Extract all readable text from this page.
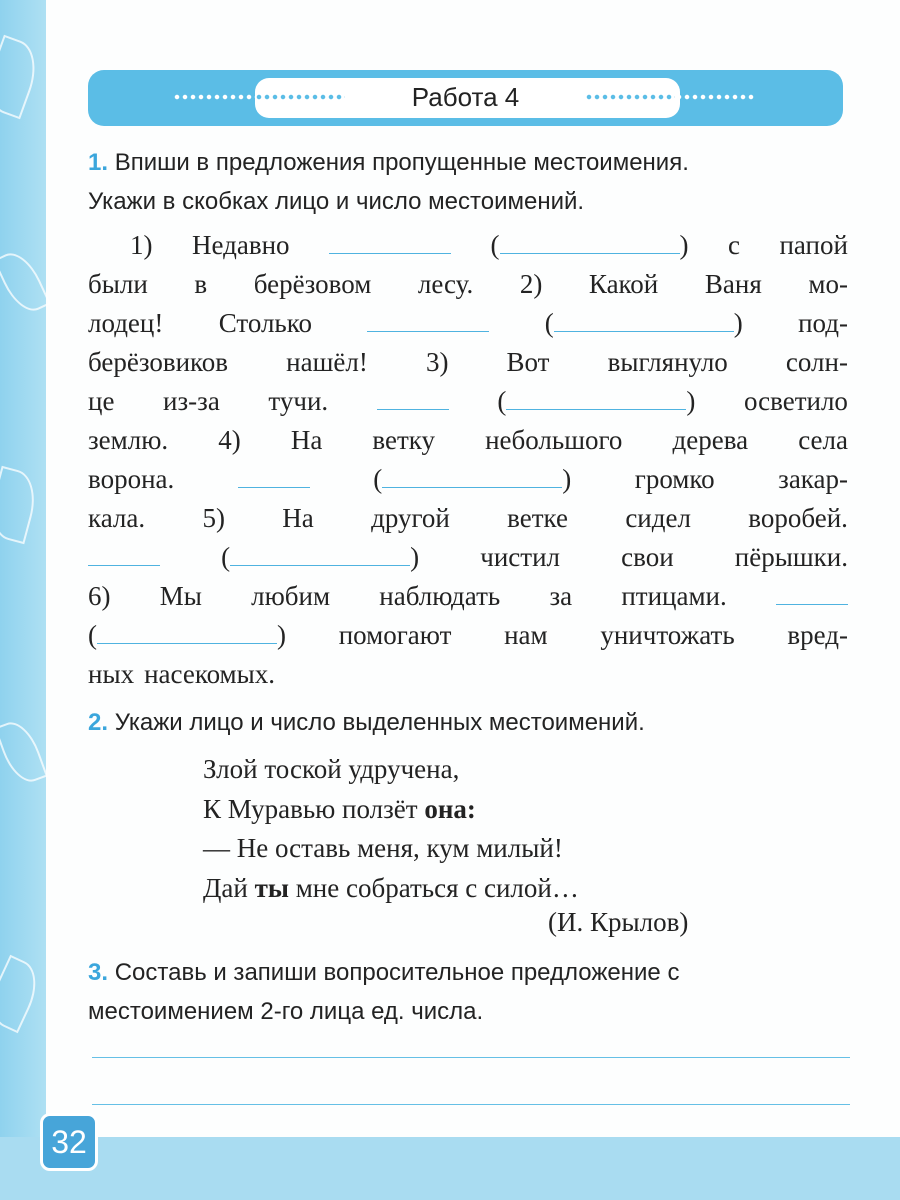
32
Работа 4
1. Впиши в предложения пропущенные местоимения.
Укажи в скобках лицо и число местоимений.
1) Недавно	(	) с папой
были в берёзовом лесу. 2) Какой Ваня мо-
лодец! Столько	(	) под-
берёзовиков нашёл! 3) Вот выглянуло солн-
це из-за тучи.	(	) осветило
землю. 4) На ветку небольшого дерева села
ворона.	(	) громко закар-
кала. 5) На другой ветке сидел воробей.
(	) чистил свои пёрышки.
6) Мы любим наблюдать за птицами.
(	) помогают нам уничтожать вред-
ных насекомых.
2. Укажи лицо и число выделенных местоимений.
Злой тоской удручена,
К Муравью ползёт она:
— Не оставь меня, кум милый!
Дай ты мне собраться с силой…
(И. Крылов)
3. Составь и запиши вопросительное предложение с
местоимением 2-го лица ед. числа.
